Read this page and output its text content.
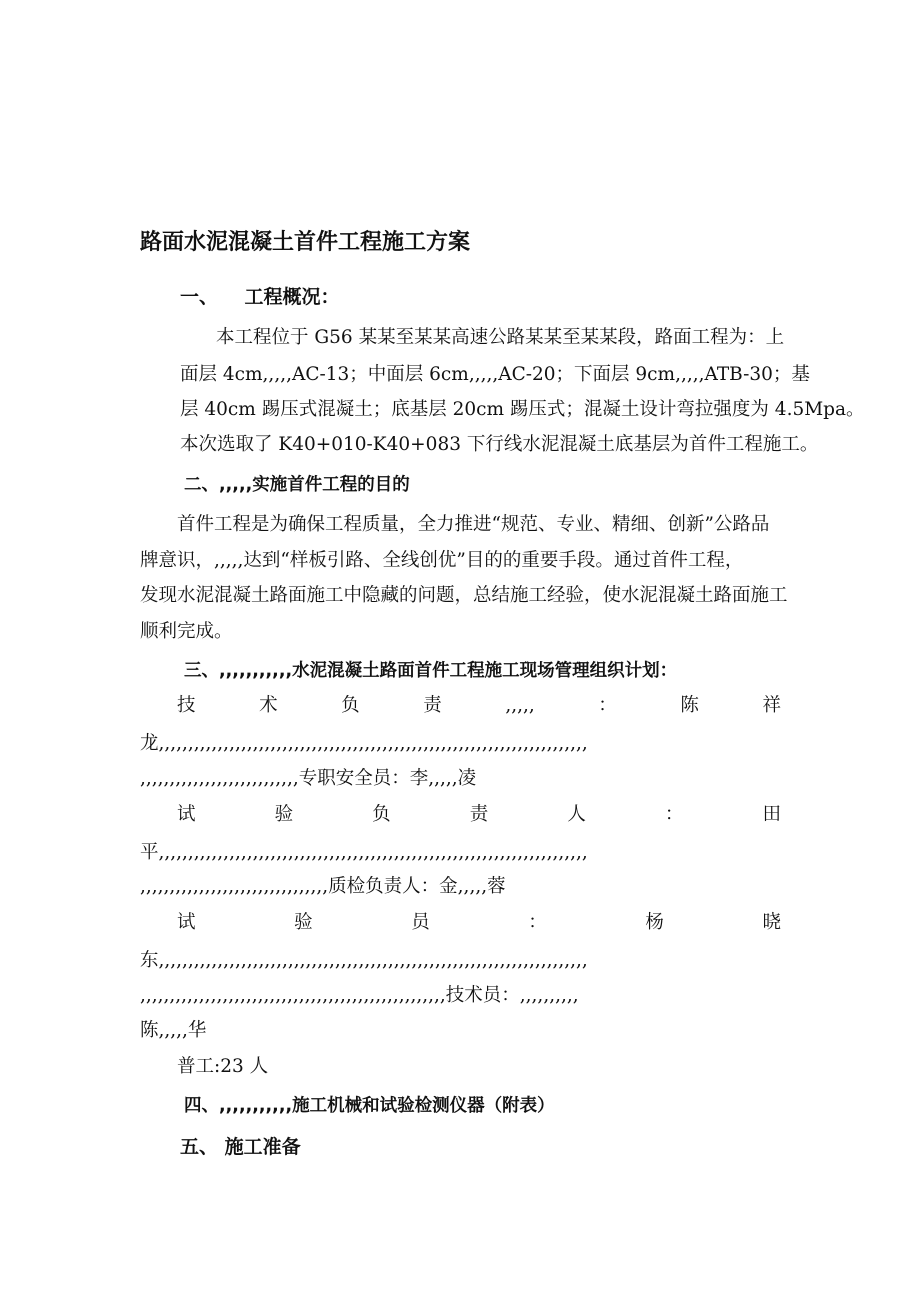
路面水泥混凝土首件工程施工方案
一、    工程概况：
本工程位于 G56 某某至某某高速公路某某至某某段，路面工程为：上
面层 4cm,,,,,AC-13；中面层 6cm,,,,,AC-20；下面层 9cm,,,,,ATB-30；基
层 40cm 踢压式混凝土；底基层 20cm 踢压式；混凝土设计弯拉强度为 4.5Mpa。
本次选取了 K40+010-K40+083 下行线水泥混凝土底基层为首件工程施工。
二、,,,,,实施首件工程的目的
首件工程是为确保工程质量，全力推进“规范、专业、精细、创新”公路品
牌意识，,,,,,达到“样板引路、全线创优”目的的重要手段。通过首件工程，
发现水泥混凝土路面施工中隐藏的问题，总结施工经验，使水泥混凝土路面施工
顺利完成。
三、,,,,,,,,,,,水泥混凝土路面首件工程施工现场管理组织计划：
技	术	负	责	,,,,,	：	陈	祥
龙,,,,,,,,,,,,,,,,,,,,,,,,,,,,,,,,,,,,,,,,,,,,,,,,,,,,,,,,,,,,,,,,,,,,,,,,,
,,,,,,,,,,,,,,,,,,,,,,,,,,,专职安全员：李,,,,,凌
试	验	负	责	人	：	田
平,,,,,,,,,,,,,,,,,,,,,,,,,,,,,,,,,,,,,,,,,,,,,,,,,,,,,,,,,,,,,,,,,,,,,,,,,
,,,,,,,,,,,,,,,,,,,,,,,,,,,,,,,,质检负责人：金,,,,,蓉
试	验	员	：	杨	晓
东,,,,,,,,,,,,,,,,,,,,,,,,,,,,,,,,,,,,,,,,,,,,,,,,,,,,,,,,,,,,,,,,,,,,,,,,,
,,,,,,,,,,,,,,,,,,,,,,,,,,,,,,,,,,,,,,,,,,,,,,,,,,,,技术员：,,,,,,,,,,
陈,,,,,华
普工:23 人
四、,,,,,,,,,,,施工机械和试验检测仪器（附表）
五、 施工准备
